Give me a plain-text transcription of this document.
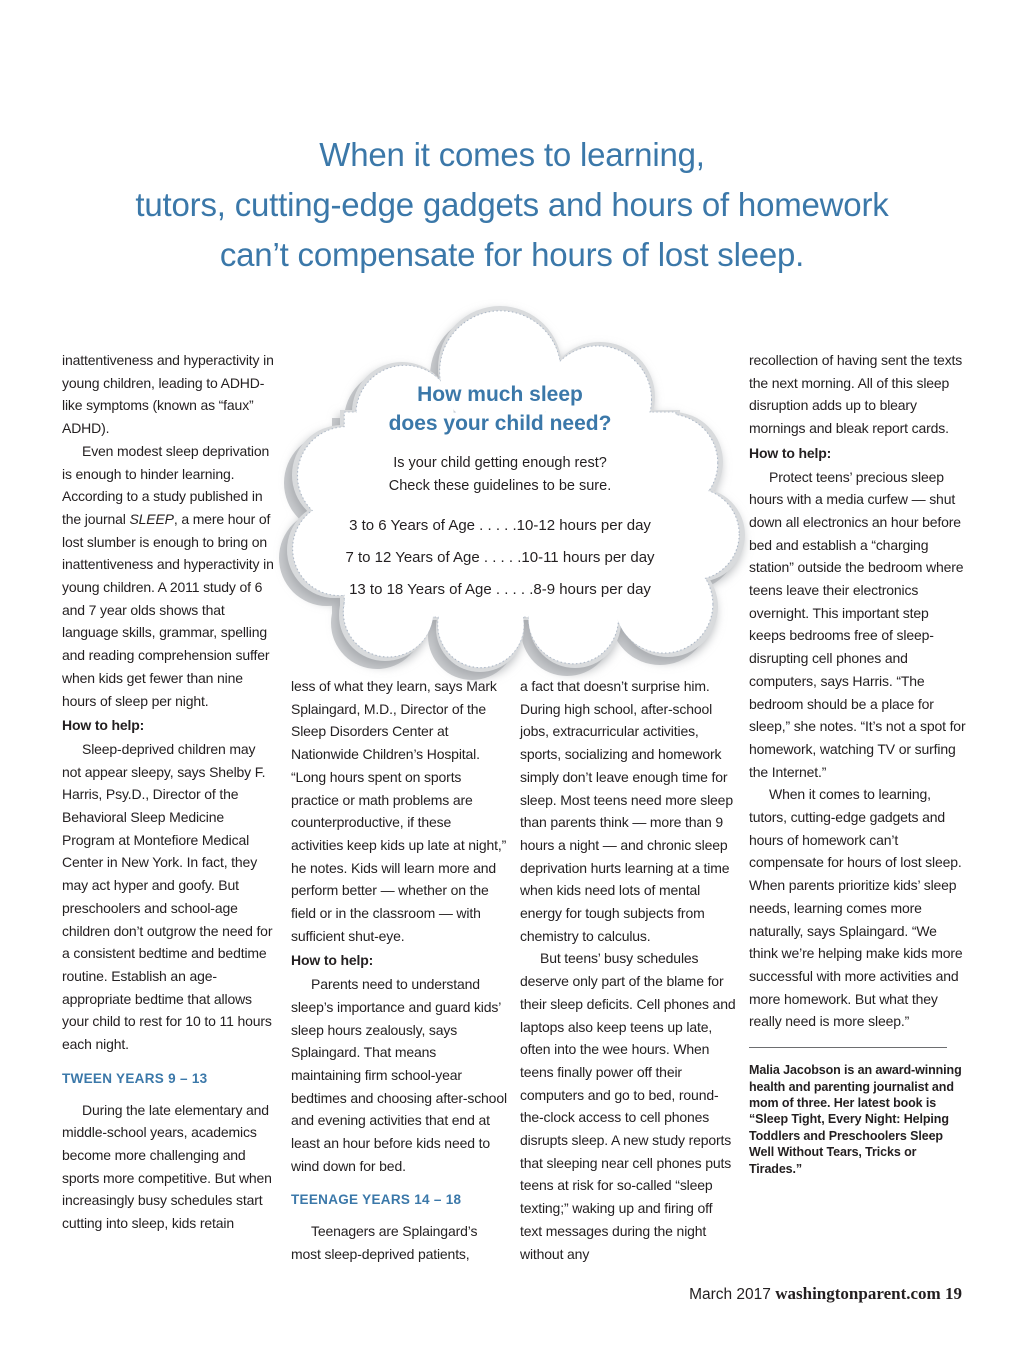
When it comes to learning,
tutors, cutting-edge gadgets and hours of homework
can’t compensate for hours of lost sleep.

inattentiveness and hyperactivity in young children, leading to ADHD-like symptoms (known as “faux” ADHD).

Even modest sleep deprivation is enough to hinder learning. According to a study published in the journal SLEEP, a mere hour of lost slumber is enough to bring on inattentiveness and hyperactivity in young children. A 2011 study of 6 and 7 year olds shows that language skills, grammar, spelling and reading comprehension suffer when kids get fewer than nine hours of sleep per night.

How to help:

Sleep-deprived children may not appear sleepy, says Shelby F. Harris, Psy.D., Director of the Behavioral Sleep Medicine Program at Montefiore Medical Center in New York. In fact, they may act hyper and goofy. But preschoolers and school-age children don’t outgrow the need for a consistent bedtime and bedtime routine. Establish an age-appropriate bedtime that allows your child to rest for 10 to 11 hours each night.

TWEEN YEARS 9 – 13

During the late elementary and middle-school years, academics become more challenging and sports more competitive. But when increasingly busy schedules start cutting into sleep, kids retain

less of what they learn, says Mark Splaingard, M.D., Director of the Sleep Disorders Center at Nationwide Children’s Hospital. “Long hours spent on sports practice or math problems are counterproductive, if these activities keep kids up late at night,” he notes. Kids will learn more and perform better — whether on the field or in the classroom — with sufficient shut-eye.

How to help:

Parents need to understand sleep’s importance and guard kids’ sleep hours zealously, says Splaingard. That means maintaining firm school-year bedtimes and choosing after-school and evening activities that end at least an hour before kids need to wind down for bed.

TEENAGE YEARS 14 – 18

Teenagers are Splaingard’s most sleep-deprived patients,

a fact that doesn’t surprise him. During high school, after-school jobs, extracurricular activities, sports, socializing and homework simply don’t leave enough time for sleep. Most teens need more sleep than parents think — more than 9 hours a night — and chronic sleep deprivation hurts learning at a time when kids need lots of mental energy for tough subjects from chemistry to calculus.

But teens’ busy schedules deserve only part of the blame for their sleep deficits. Cell phones and laptops also keep teens up late, often into the wee hours. When teens finally power off their computers and go to bed, round-the-clock access to cell phones disrupts sleep. A new study reports that sleeping near cell phones puts teens at risk for so-called “sleep texting;” waking up and firing off text messages during the night without any

recollection of having sent the texts the next morning. All of this sleep disruption adds up to bleary mornings and bleak report cards.

How to help:

Protect teens’ precious sleep hours with a media curfew — shut down all electronics an hour before bed and establish a “charging station” outside the bedroom where teens leave their electronics overnight. This important step keeps bedrooms free of sleep-disrupting cell phones and computers, says Harris. “The bedroom should be a place for sleep,” she notes. “It’s not a spot for homework, watching TV or surfing the Internet.”

When it comes to learning, tutors, cutting-edge gadgets and hours of homework can’t compensate for hours of lost sleep. When parents prioritize kids’ sleep needs, learning comes more naturally, says Splaingard. “We think we’re helping make kids more successful with more activities and more homework. But what they really need is more sleep.”

Malia Jacobson is an award-winning health and parenting journalist and mom of three. Her latest book is “Sleep Tight, Every Night: Helping Toddlers and Preschoolers Sleep Well Without Tears, Tricks or Tirades.”

How much sleep
does your child need?

Is your child getting enough rest?
Check these guidelines to be sure.

3 to 6 Years of Age . . . . .10-12 hours per day
7 to 12 Years of Age . . . . .10-11 hours per day
13 to 18 Years of Age . . . . .8-9 hours per day

March 2017 washingtonparent.com 19
